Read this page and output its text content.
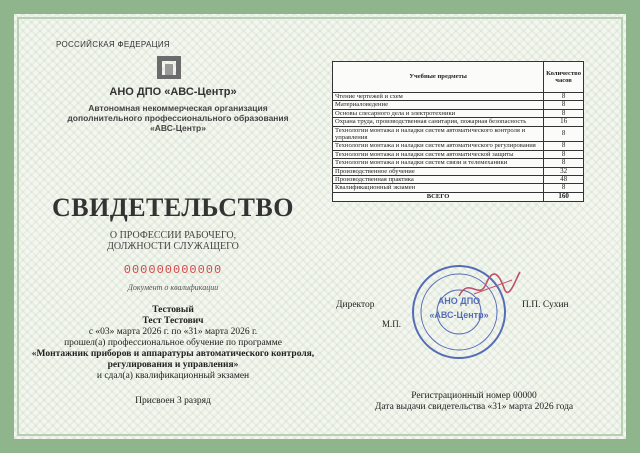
РОССИЙСКАЯ ФЕДЕРАЦИЯ
АНО ДПО «АВС-Центр»
Автономная некоммерческая организация
дополнительного профессионального образования
«АВС-Центр»
СВИДЕТЕЛЬСТВО
О ПРОФЕССИИ РАБОЧЕГО,
ДОЛЖНОСТИ СЛУЖАЩЕГО
000000000000
Документ о квалификации
Тестовый
Тест Тестович
с «03» марта 2026 г. по «31» марта 2026 г.
прошел(а) профессиональное обучение по программе
«Монтажник приборов и аппаратуры автоматического контроля,
регулирования и управления»
и сдал(а) квалификационный экзамен
Присвоен 3 разряд
Учебные предметы	Количество часов
Чтение чертежей и схем	8
Материаловедение	8
Основы слесарного дела и электротехники	8
Охрана труда, производственная санитария, пожарная безопасность	16
Технологии монтажа и наладки систем автоматического контроля и управления	8
Технологии монтажа и наладки систем автоматического регулирования	8
Технологии монтажа и наладки систем автоматической защиты	8
Технологии монтажа и наладки систем связи и телемеханики	8
Производственное обучение	32
Производственная практика	48
Квалификационный экзамен	8
ВСЕГО	160
Директор	П.П. Сухин
М.П.
АНО ДПО
«АВС-Центр»
Регистрационный номер 00000
Дата выдачи свидетельства «31» марта 2026 года
